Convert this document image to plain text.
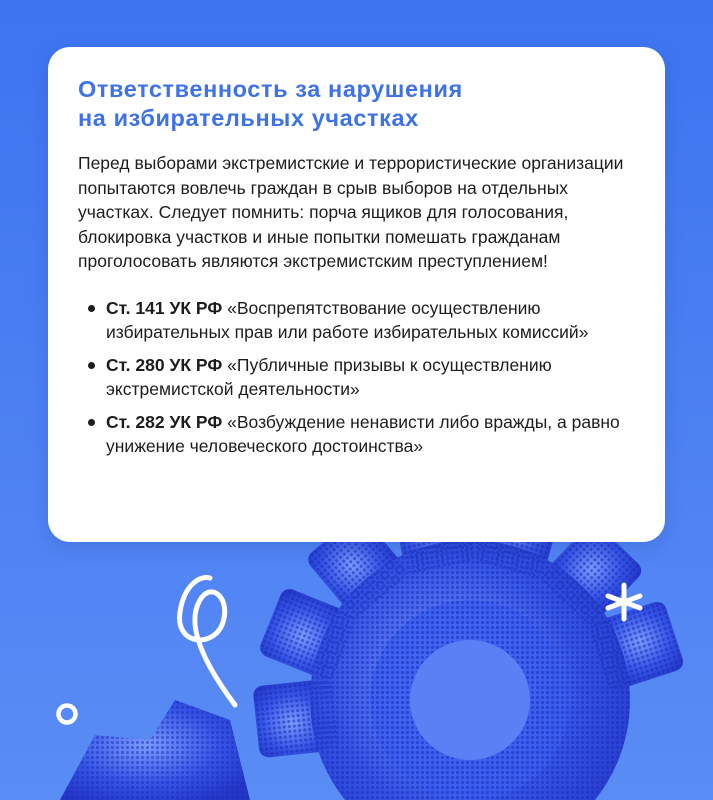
Ответственность за нарушения
на избирательных участках

Перед выборами экстремистские и террористические организации попытаются вовлечь граждан в срыв выборов на отдельных участках. Следует помнить: порча ящиков для голосования, блокировка участков и иные попытки помешать гражданам проголосовать являются экстремистским преступлением!

Ст. 141 УК РФ «Воспрепятствование осуществлению избирательных прав или работе избирательных комиссий»
Ст. 280 УК РФ «Публичные призывы к осуществлению экстремистской деятельности»
Ст. 282 УК РФ «Возбуждение ненависти либо вражды, а равно унижение человеческого достоинства»
